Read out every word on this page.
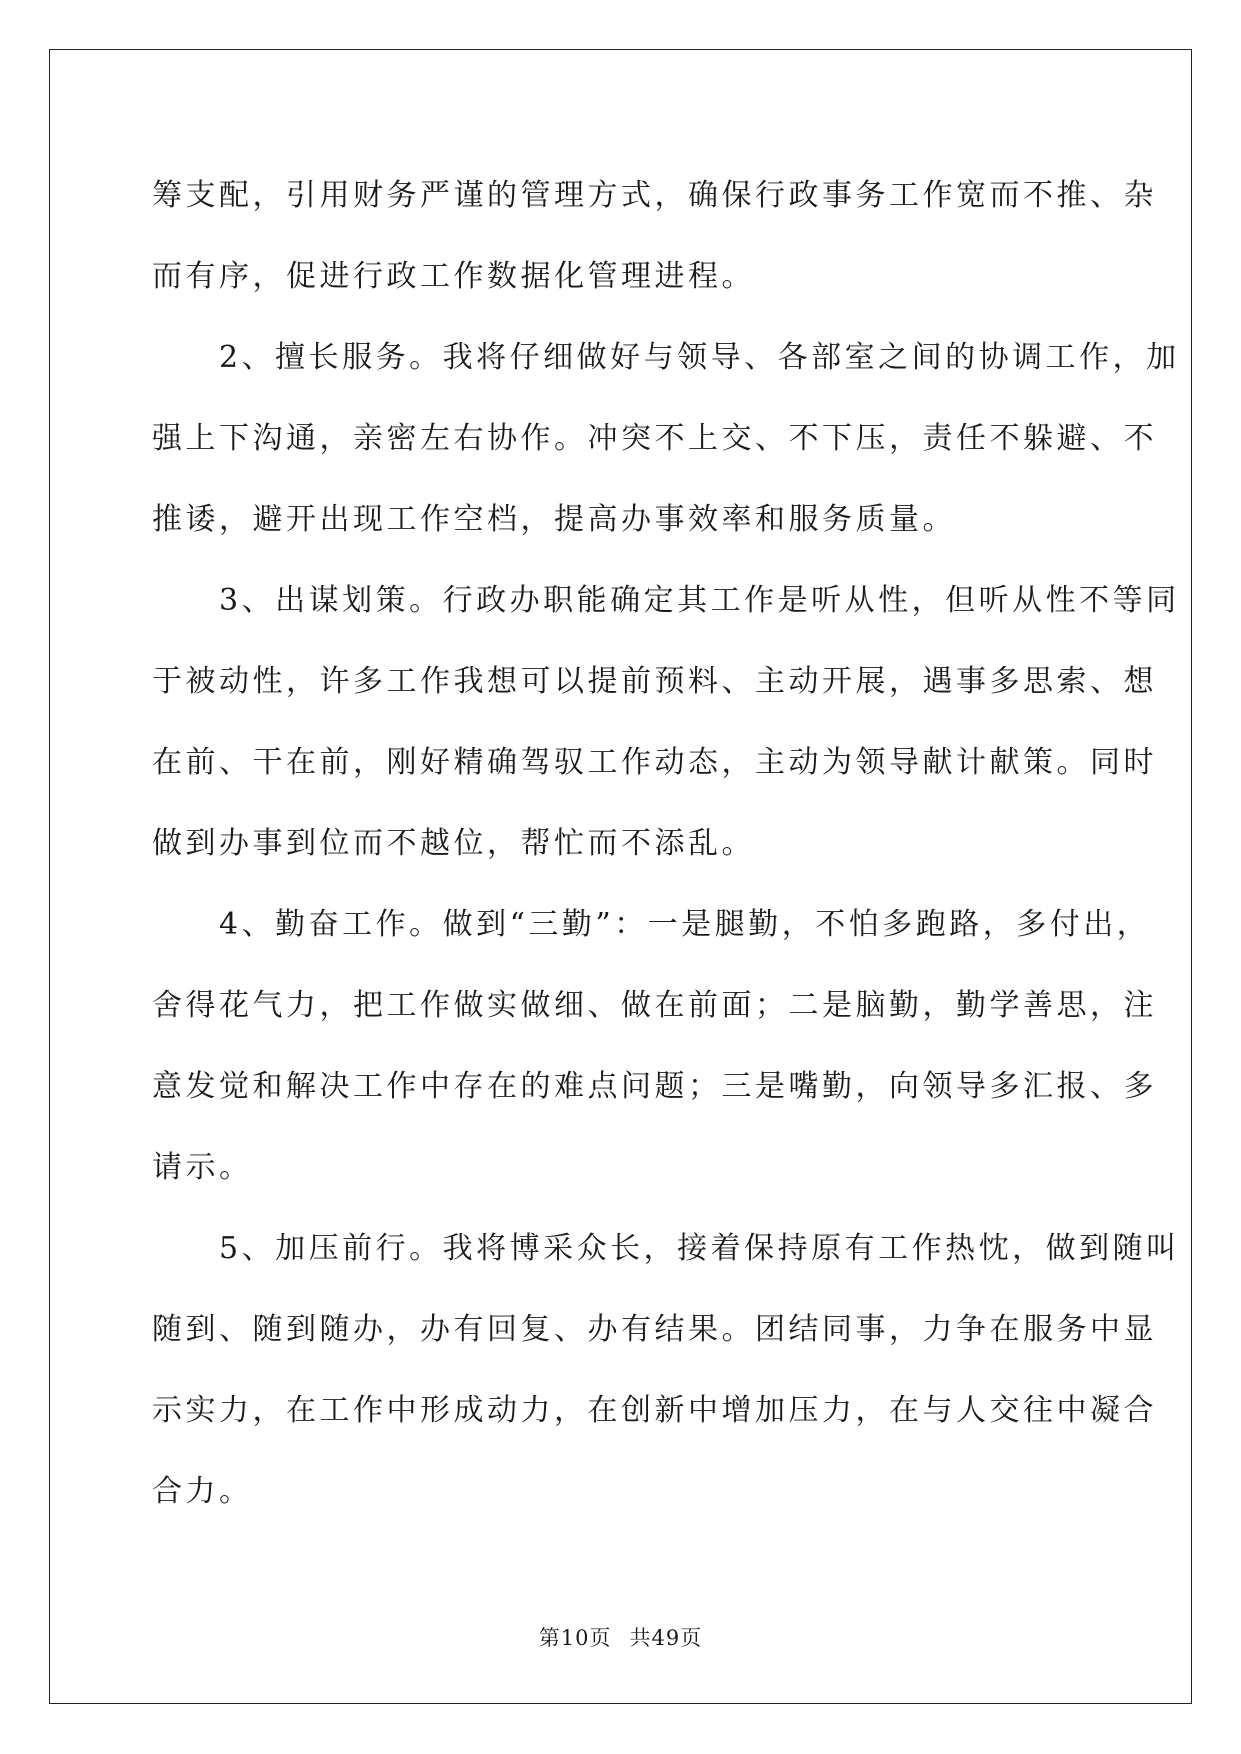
筹支配，引用财务严谨的管理方式，确保行政事务工作宽而不推、杂
而有序，促进行政工作数据化管理进程。
　　2、擅长服务。我将仔细做好与领导、各部室之间的协调工作，加
强上下沟通，亲密左右协作。冲突不上交、不下压，责任不躲避、不
推诿，避开出现工作空档，提高办事效率和服务质量。
　　3、出谋划策。行政办职能确定其工作是听从性，但听从性不等同
于被动性，许多工作我想可以提前预料、主动开展，遇事多思索、想
在前、干在前，刚好精确驾驭工作动态，主动为领导献计献策。同时
做到办事到位而不越位，帮忙而不添乱。
　　4、勤奋工作。做到“三勤”：一是腿勤，不怕多跑路，多付出，
舍得花气力，把工作做实做细、做在前面；二是脑勤，勤学善思，注
意发觉和解决工作中存在的难点问题；三是嘴勤，向领导多汇报、多
请示。
　　5、加压前行。我将博采众长，接着保持原有工作热忱，做到随叫
随到、随到随办，办有回复、办有结果。团结同事，力争在服务中显
示实力，在工作中形成动力，在创新中增加压力，在与人交往中凝合
合力。
第10页 共49页
